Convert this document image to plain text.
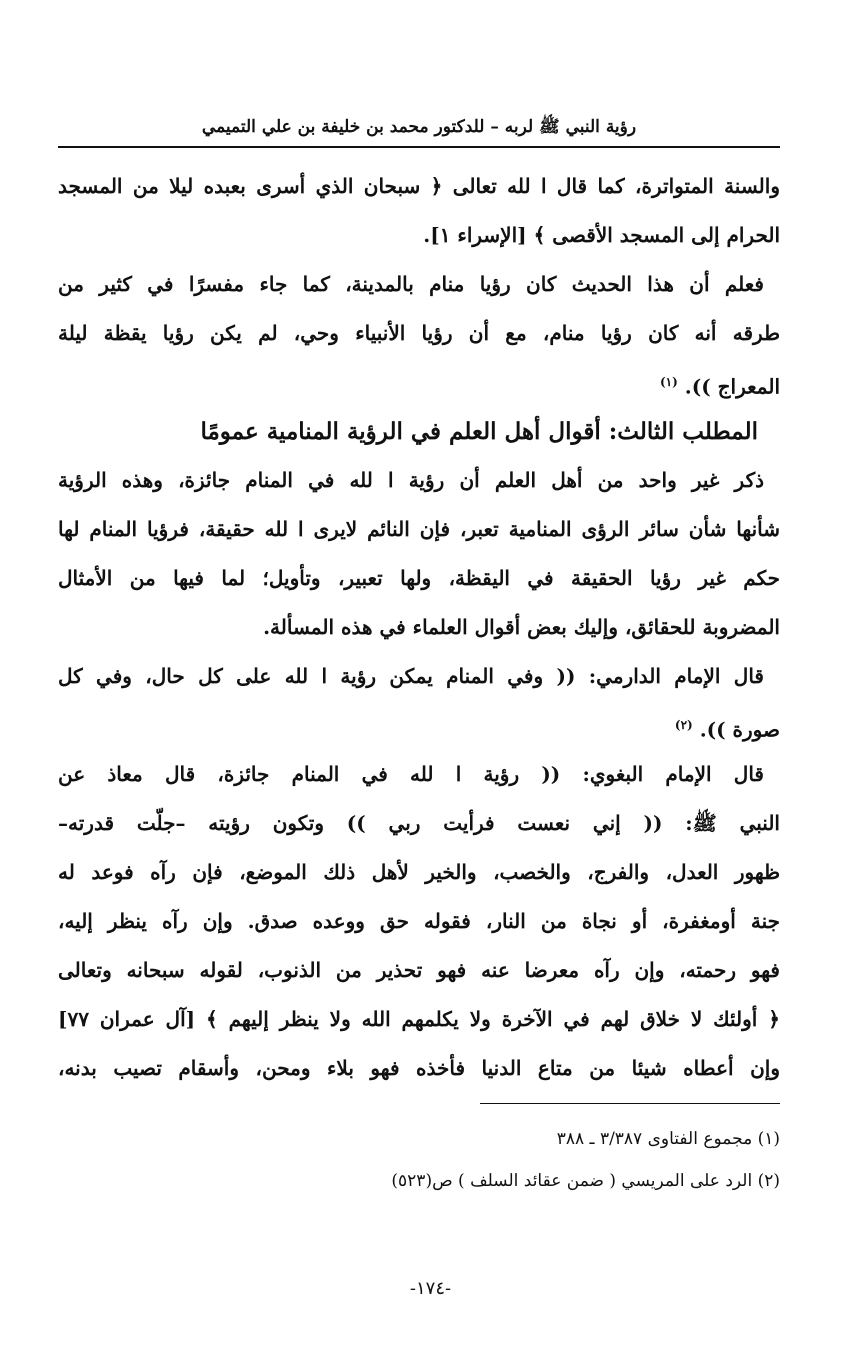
رؤية النبي ﷺ لربه – للدكتور محمد بن خليفة بن علي التميمي
والسنة المتواترة، كما قال ا لله تعالى ﴿ سبحان الذي أسرى بعبده ليلا من المسجد
الحرام إلى المسجد الأقصى ﴾ [الإسراء ١].
فعلم أن هذا الحديث كان رؤيا منام بالمدينة، كما جاء مفسرًا في كثير من
طرقه أنه كان رؤيا منام، مع أن رؤيا الأنبياء وحي، لم يكن رؤيا يقظة ليلة
المعراج )). $^{(١)}$
المطلب الثالث: أقوال أهل العلم في الرؤية المنامية عمومًا
ذكر غير واحد من أهل العلم أن رؤية ا لله في المنام جائزة، وهذه الرؤية
شأنها شأن سائر الرؤى المنامية تعبر، فإن النائم لايرى ا لله حقيقة، فرؤيا المنام لها
حكم غير رؤيا الحقيقة في اليقظة، ولها تعبير، وتأويل؛ لما فيها من الأمثال
المضروبة للحقائق، وإليك بعض أقوال العلماء في هذه المسألة.
قال الإمام الدارمي: (( وفي المنام يمكن رؤية ا لله على كل حال، وفي كل
صورة )). $^{(٢)}$
قال الإمام البغوي: (( رؤية ا لله في المنام جائزة، قال معاذ عن
النبي ﷺ: (( إني نعست فرأيت ربي )) وتكون رؤيته –جلّت قدرته–
ظهور العدل، والفرج، والخصب، والخير لأهل ذلك الموضع، فإن رآه فوعد له
جنة أومغفرة، أو نجاة من النار، فقوله حق ووعده صدق. وإن رآه ينظر إليه،
فهو رحمته، وإن رآه معرضا عنه فهو تحذير من الذنوب، لقوله سبحانه وتعالى
﴿ أولئك لا خلاق لهم في الآخرة ولا يكلمهم الله ولا ينظر إليهم ﴾ [آل عمران ٧٧]
وإن أعطاه شيئا من متاع الدنيا فأخذه فهو بلاء ومحن، وأسقام تصيب بدنه،
(١) مجموع الفتاوى ٣/٣٨٧ ـ ٣٨٨
(٢) الرد على المريسي ( ضمن عقائد السلف ) ص(٥٢٣)
-١٧٤-
